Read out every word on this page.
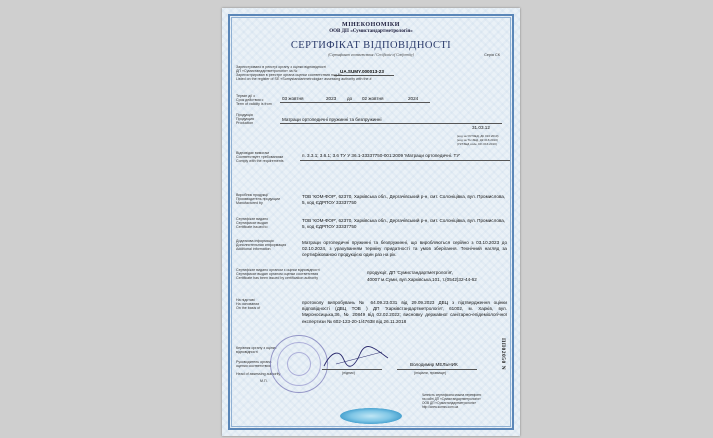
МІНЕКОНОМІКИ
ООВ ДП «Сумистандартметрологія»
СЕРТИФІКАТ ВІДПОВІДНОСТІ
(Сертификат соответствия / Certificate of Conformity)	Серія СК
Зареєстровано в реєстрі органу з оцінки відповідності
ДП «Сумистандартметрологія» за №
Зарегистрирован в реестре органа оценки соответствия под №
Listed on the register of SE «Sumystandartmetrologia» assessing authority with the #
UA.SUMY.000013-23
Термін дії з
Срок действия с
Term of validity is from
03 жовтня	2023 до 02 жовтня	2024
Продукція
Продукция
Production
Матраци ортопедичні пружинні та безпружинні
31.03.12
(код за УКТЗЕД, ДК 016:2010)
(код за ТН ЗЕД, ДК 016:2010)
(УКТЗЕД code, DK 016:2010)
Відповідає вимогам
Соответствует требованиям
Comply with the requirements
п. 3.3.1; 3.6.1; 3.6 ТУ У 36.1-33337750-001:2009 'Матраци ортопедичні. ТУ'
Виробник продукції
Производитель продукции
Manufactured by
ТОВ 'КОМ-ФОР', 62370, Харківська обл., Дергачівський р-н, смт. Солоніцівка, вул. Промислова, 5, код ЄДРПОУ 33337750
Сертифікат видано
Сертификат выдан
Certificate issued to
ТОВ 'КОМ-ФОР', 62370, Харківська обл., Дергачівський р-н, смт. Солоніцівка, вул. Промислова, 5, код ЄДРПОУ 33337750
Додаткова інформація
Дополнительная информация
Additional information
Матраци ортопедичні пружинні та безпружинні, що виробляються серійно з 03.10.2023 до 02.10.2024, з урахуванням терміну придатності та умов зберігання. Технічний нагляд за сертифікованою продукцією один раз на рік.
Сертифікат видано органом з оцінки відповідності
Сертификат выдан органом оценки соответствия
Certificate has been issued by certification authority
продукції, ДП 'Сумистандартметрологія',
40007 м.Суми, вул.Харківська,101, т.(0542)32-44-62
На підставі
На основании
On the basis of
протоколу випробувань № 64.09.23.031 від 29.09.2023 ДВЦ з підтвердження оцінки відповідності (ДВЦ ТОВ ) ДП 'Харківстандартметрологія', 61002, м. Харків, вул. Мироносицька,36, № 20849 від 02.02.2022; висновку державної санітарно-епідеміологічної експертизи № 602-123-20-1/47638 від 26.11.2018
Керівник органу з оцінки відповідності
Руководитель органа оценки соответствия
Head of assessing authority
М.П.
(підпис)
Володимир МЕЛЬНИК
(ініціали, прізвище)
ПП02050 N
Чинність сертифіката можна перевірити
на сайті ДП «Сумистандартметрологія»
ООВ ДП «Сумистандартметрологія»
http://www.sumss.com.ua
